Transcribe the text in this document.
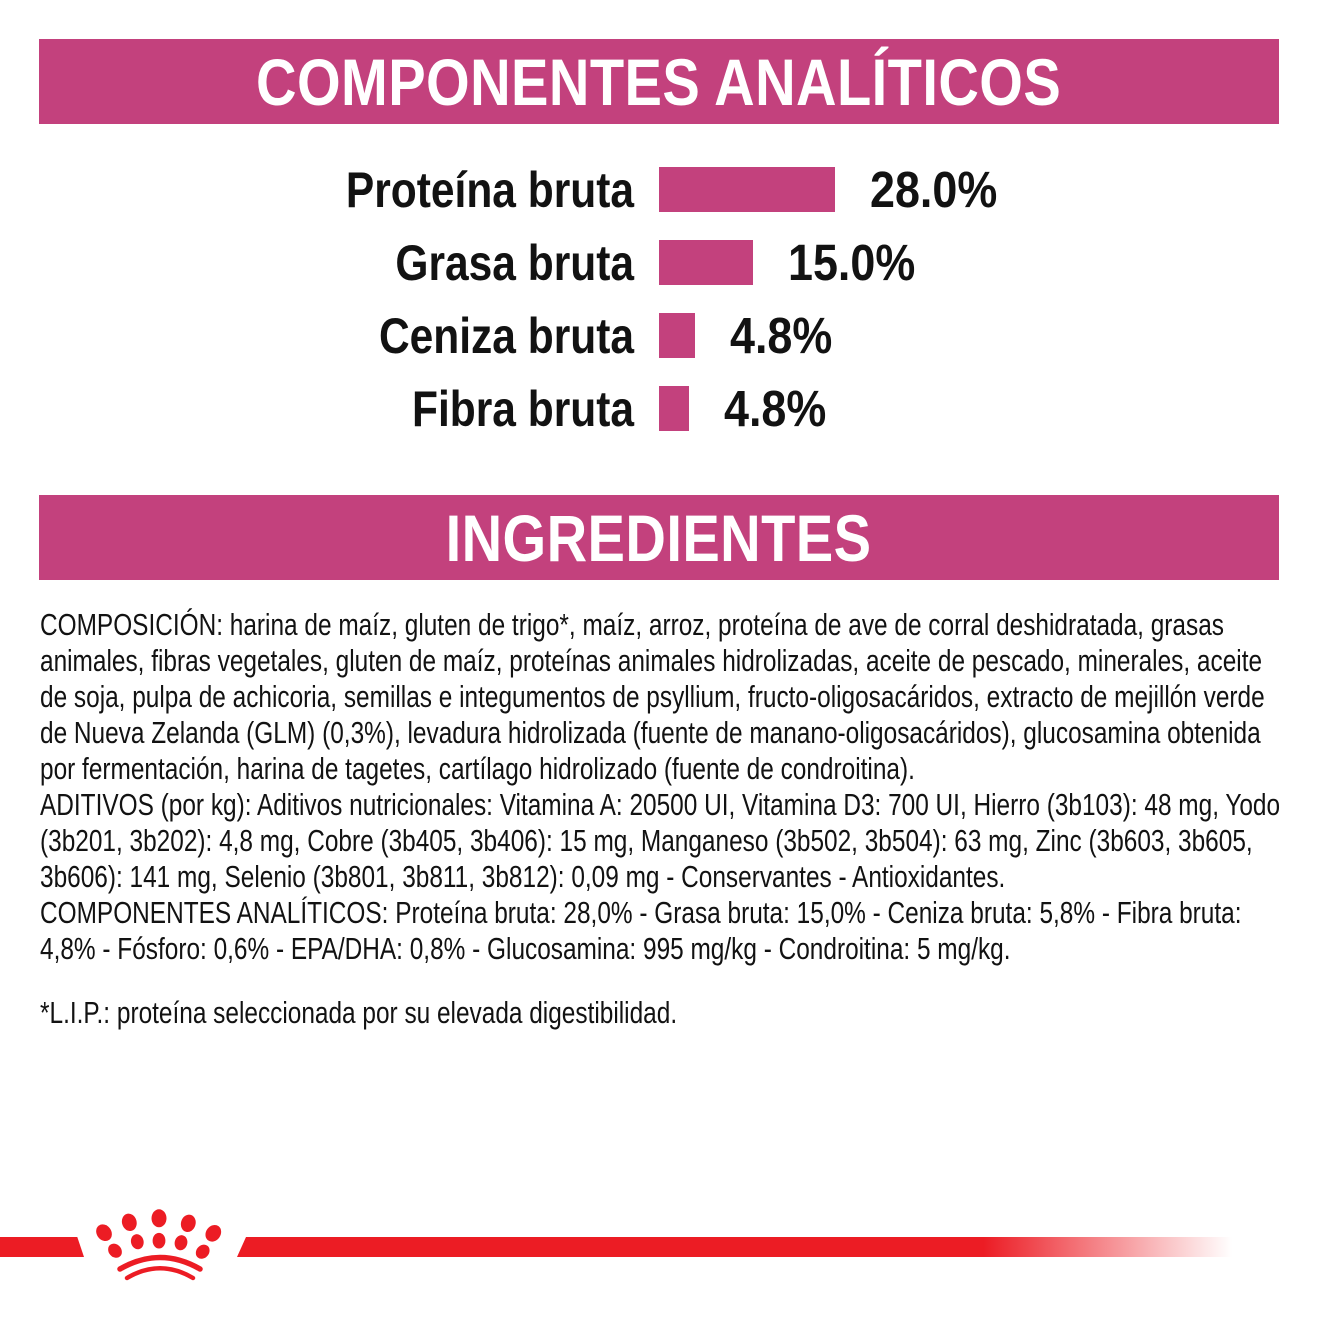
COMPONENTES ANALÍTICOS
Proteína bruta	28.0%
Grasa bruta	15.0%
Ceniza bruta 4.8%
Fibra bruta 4.8%
INGREDIENTES

COMPOSICIÓN: harina de maíz, gluten de trigo*, maíz, arroz, proteína de ave de corral deshidratada, grasas animales, fibras vegetales, gluten de maíz, proteínas animales hidrolizadas, aceite de pescado, minerales, aceite de soja, pulpa de achicoria, semillas e integumentos de psyllium, fructo-oligosacáridos, extracto de mejillón verde de Nueva Zelanda (GLM) (0,3%), levadura hidrolizada (fuente de manano-oligosacáridos), glucosamina obtenida por fermentación, harina de tagetes, cartílago hidrolizado (fuente de condroitina).

ADITIVOS (por kg): Aditivos nutricionales: Vitamina A: 20500 UI, Vitamina D3: 700 UI, Hierro (3b103): 48 mg, Yodo (3b201, 3b202): 4,8 mg, Cobre (3b405, 3b406): 15 mg, Manganeso (3b502, 3b504): 63 mg, Zinc (3b603, 3b605, 3b606): 141 mg, Selenio (3b801, 3b811, 3b812): 0,09 mg - Conservantes - Antioxidantes.

COMPONENTES ANALÍTICOS: Proteína bruta: 28,0% - Grasa bruta: 15,0% - Ceniza bruta: 5,8% - Fibra bruta: 4,8% - Fósforo: 0,6% - EPA/DHA: 0,8% - Glucosamina: 995 mg/kg - Condroitina: 5 mg/kg.

*L.I.P.: proteína seleccionada por su elevada digestibilidad.
